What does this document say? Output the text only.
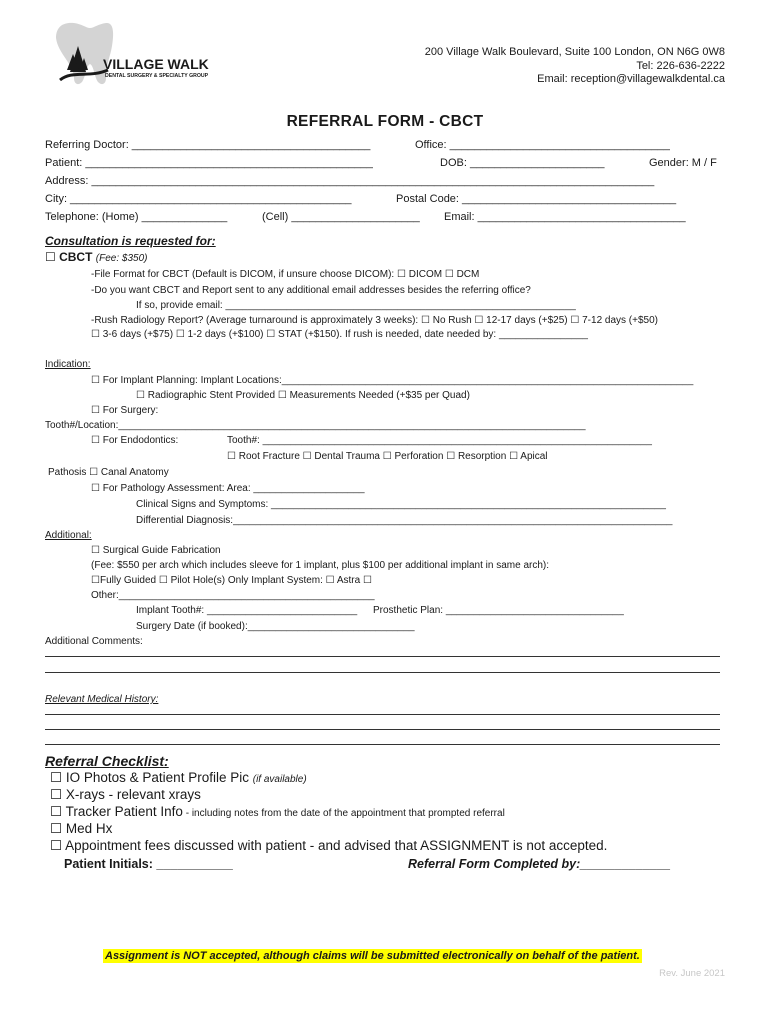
VILLAGE WALK
DENTAL SURGERY & SPECIALTY GROUP
200 Village Walk Boulevard, Suite 100 London, ON N6G 0W8
Tel: 226-636-2222
Email: reception@villagewalkdental.ca
REFERRAL FORM - CBCT
Referring Doctor: _______________________________________	Office: ____________________________________
Patient: _______________________________________________	DOB: ______________________	Gender: M / F
Address: ____________________________________________________________________________________________
City: ______________________________________________	Postal Code: ___________________________________
Telephone: (Home) ______________	(Cell) _____________________ Email: __________________________________
Consultation is requested for:
☐ CBCT (Fee: $350)
-File Format for CBCT (Default is DICOM, if unsure choose DICOM): ☐ DICOM ☐ DCM
-Do you want CBCT and Report sent to any additional email addresses besides the referring office?
If so, provide email: _______________________________________________________________
-Rush Radiology Report? (Average turnaround is approximately 3 weeks): ☐ No Rush ☐ 12-17 days (+$25) ☐ 7-12 days (+$50)
☐ 3-6 days (+$75) ☐ 1-2 days (+$100) ☐ STAT (+$150). If rush is needed, date needed by: ________________
Indication:
☐ For Implant Planning: Implant Locations:__________________________________________________________________________
☐ Radiographic Stent Provided ☐ Measurements Needed (+$35 per Quad)
☐ For Surgery:
Tooth#/Location:____________________________________________________________________________________
☐ For Endodontics:	Tooth#: ______________________________________________________________________
☐ Root Fracture ☐ Dental Trauma ☐ Perforation ☐ Resorption ☐ Apical
Pathosis ☐ Canal Anatomy
☐ For Pathology Assessment: Area: ____________________
Clinical Signs and Symptoms: _______________________________________________________________________
Differential Diagnosis:_______________________________________________________________________________
Additional:
☐ Surgical Guide Fabrication
(Fee: $550 per arch which includes sleeve for 1 implant, plus $100 per additional implant in same arch):
☐Fully Guided ☐ Pilot Hole(s) Only Implant System: ☐ Astra ☐
Other:______________________________________________
Implant Tooth#: ___________________________ Prosthetic Plan: ________________________________
Surgery Date (if booked):______________________________
Additional Comments:
Relevant Medical History:
Referral Checklist:
☐ IO Photos & Patient Profile Pic (if available)
☐ X-rays - relevant xrays
☐ Tracker Patient Info - including notes from the date of the appointment that prompted referral
☐ Med Hx
☐ Appointment fees discussed with patient - and advised that ASSIGNMENT is not accepted.
Patient Initials: ___________	Referral Form Completed by:_____________
Assignment is NOT accepted, although claims will be submitted electronically on behalf of the patient.
Rev. June 2021
